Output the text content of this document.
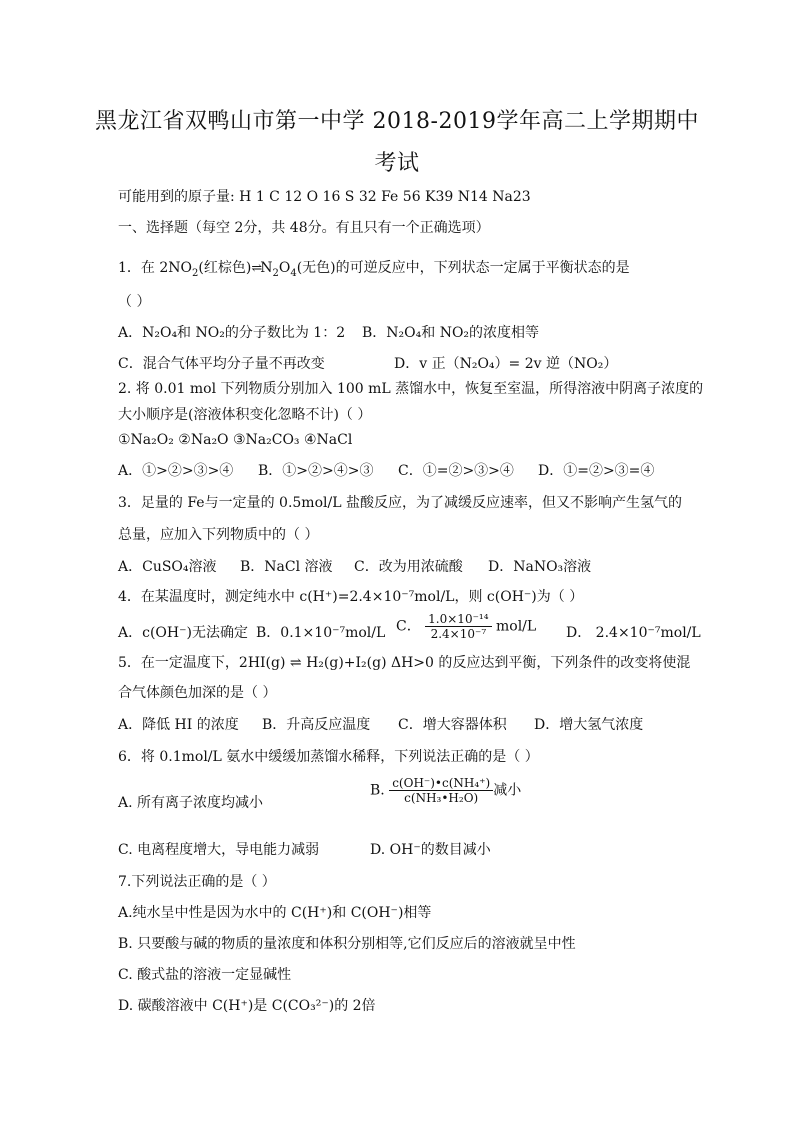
黑龙江省双鸭山市第一中学 2018-2019学年高二上学期期中
考试
可能用到的原子量: H 1 C 12 O 16 S 32 Fe 56 K39 N14 Na23
一、选择题（每空 2分，共 48分。有且只有一个正确选项）
1．在 $2NO_2$(红棕色)$\rightleftharpoons N_2O_4$(无色)的可逆反应中，下列状态一定属于平衡状态的是
（ ）
A．N₂O₄和 NO₂的分子数比为 1：2 B．N₂O₄和 NO₂的浓度相等
C．混合气体平均分子量不再改变	D．v 正（N₂O₄）= 2v 逆（NO₂）
2. 将 0.01 mol 下列物质分别加入 100 mL 蒸馏水中，恢复至室温，所得溶液中阴离子浓度的
大小顺序是(溶液体积变化忽略不计)（ ）
①Na₂O₂ ②Na₂O ③Na₂CO₃ ④NaCl
A．①>②>③>④ B．①>②>④>③ C．①=②>③>④ D．①=②>③=④
3．足量的 Fe与一定量的 0.5mol/L 盐酸反应，为了减缓反应速率，但又不影响产生氢气的
总量，应加入下列物质中的（ ）
A．CuSO₄溶液 B．NaCl 溶液 C．改为用浓硫酸 D．NaNO₃溶液
4．在某温度时，测定纯水中 c(H⁺)=2.4×10⁻⁷mol/L，则 c(OH⁻)为（ ）
A．c(OH⁻)无法确定 B．0.1×10⁻⁷mol/L C． $\frac{\text{1.0×10⁻¹⁴}}{\text{2.4×10⁻⁷}} mol/L$ D． 2.4×10⁻⁷mol/L
5．在一定温度下，2HI(g) ⇌ H₂(g)+I₂(g) ΔH>0 的反应达到平衡，下列条件的改变将使混
合气体颜色加深的是（ ）
A．降低 HI 的浓度 B．升高反应温度 C．增大容器体积 D．增大氢气浓度
6．将 0.1mol/L 氨水中缓缓加蒸馏水稀释，下列说法正确的是（ ）
A. 所有离子浓度均减小
B. $\frac{\text{c(OH⁻)•c(NH₄⁺)}}{\text{c(NH₃•H₂O)}}$ 减小
C. 电离程度增大，导电能力减弱	D. OH⁻的数目减小
7.下列说法正确的是（ ）
A.纯水呈中性是因为水中的 C(H⁺)和 C(OH⁻)相等
B. 只要酸与碱的物质的量浓度和体积分别相等,它们反应后的溶液就呈中性
C. 酸式盐的溶液一定显碱性
D. 碳酸溶液中 C(H⁺)是 C(CO₃²⁻)的 2倍
